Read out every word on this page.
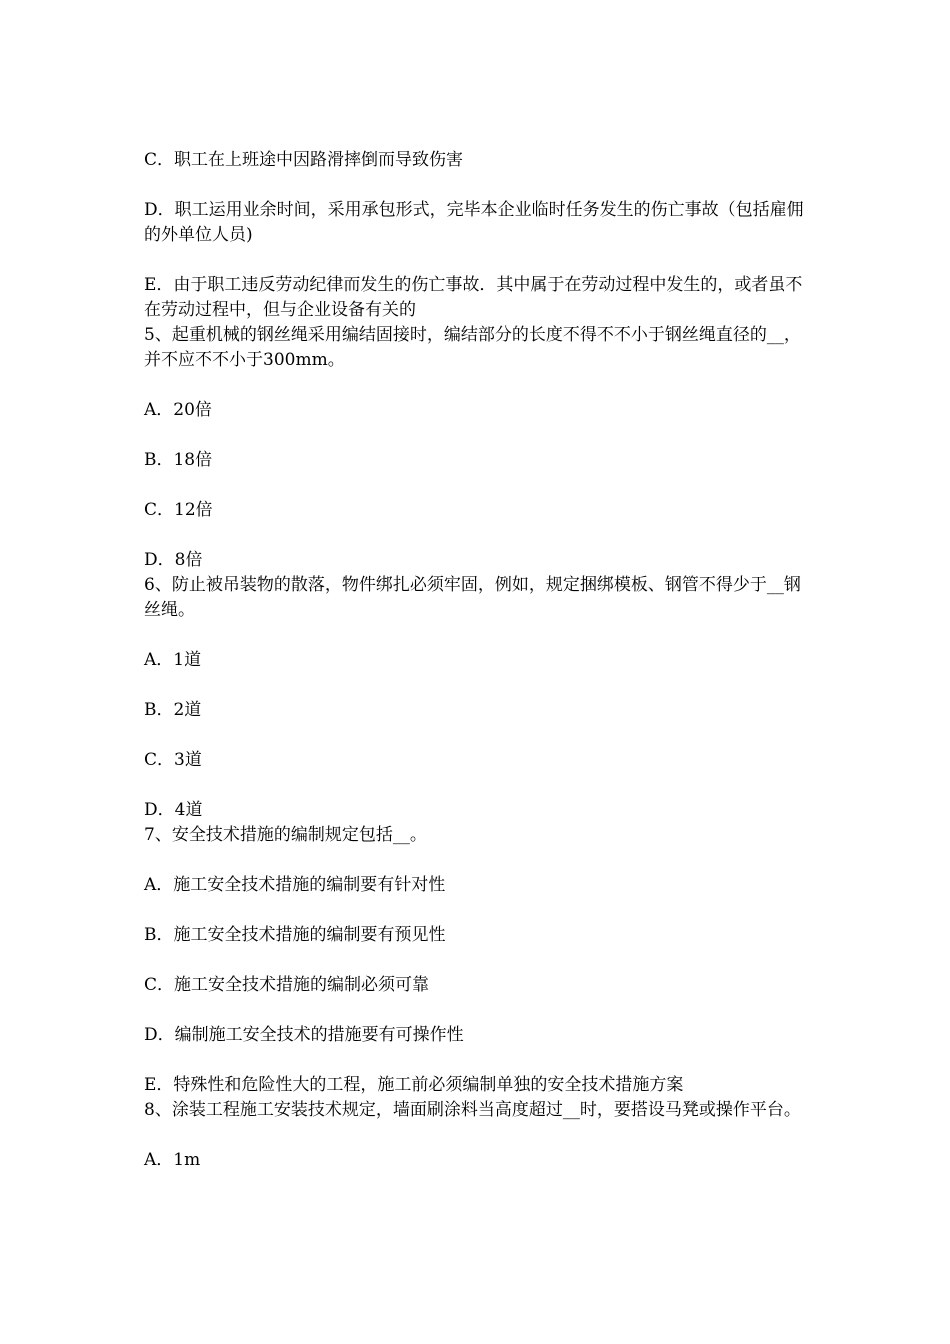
C．职工在上班途中因路滑摔倒而导致伤害

D．职工运用业余时间，采用承包形式，完毕本企业临时任务发生的伤亡事故（包括雇佣的外单位人员)

E．由于职工违反劳动纪律而发生的伤亡事故．其中属于在劳动过程中发生的，或者虽不在劳动过程中，但与企业设备有关的

5、起重机械的钢丝绳采用编结固接时，编结部分的长度不得不不小于钢丝绳直径的__，并不应不不小于300mm。

A．20倍

B．18倍

C．12倍

D．8倍

6、防止被吊装物的散落，物件绑扎必须牢固，例如，规定捆绑模板、钢管不得少于__钢丝绳。

A．1道

B．2道

C．3道

D．4道

7、安全技术措施的编制规定包括__。

A．施工安全技术措施的编制要有针对性

B．施工安全技术措施的编制要有预见性

C．施工安全技术措施的编制必须可靠

D．编制施工安全技术的措施要有可操作性

E．特殊性和危险性大的工程，施工前必须编制单独的安全技术措施方案

8、涂装工程施工安装技术规定，墙面刷涂料当高度超过__时，要搭设马凳或操作平台。

A．1m
